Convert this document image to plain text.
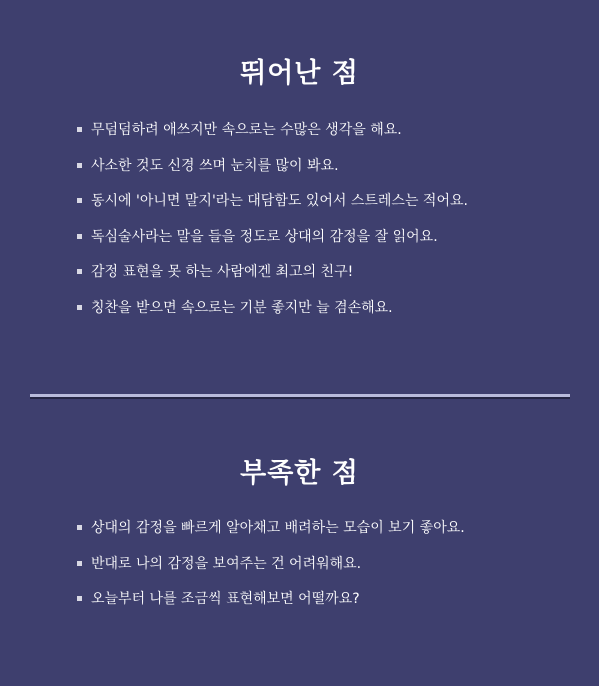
뛰어난 점
무덤덤하려 애쓰지만 속으로는 수많은 생각을 해요.
사소한 것도 신경 쓰며 눈치를 많이 봐요.
동시에 '아니면 말지'라는 대담함도 있어서 스트레스는 적어요.
독심술사라는 말을 들을 정도로 상대의 감정을 잘 읽어요.
감정 표현을 못 하는 사람에겐 최고의 친구!
칭찬을 받으면 속으로는 기분 좋지만 늘 겸손해요.
부족한 점
상대의 감정을 빠르게 알아채고 배려하는 모습이 보기 좋아요.
반대로 나의 감정을 보여주는 건 어려워해요.
오늘부터 나를 조금씩 표현해보면 어떨까요?
